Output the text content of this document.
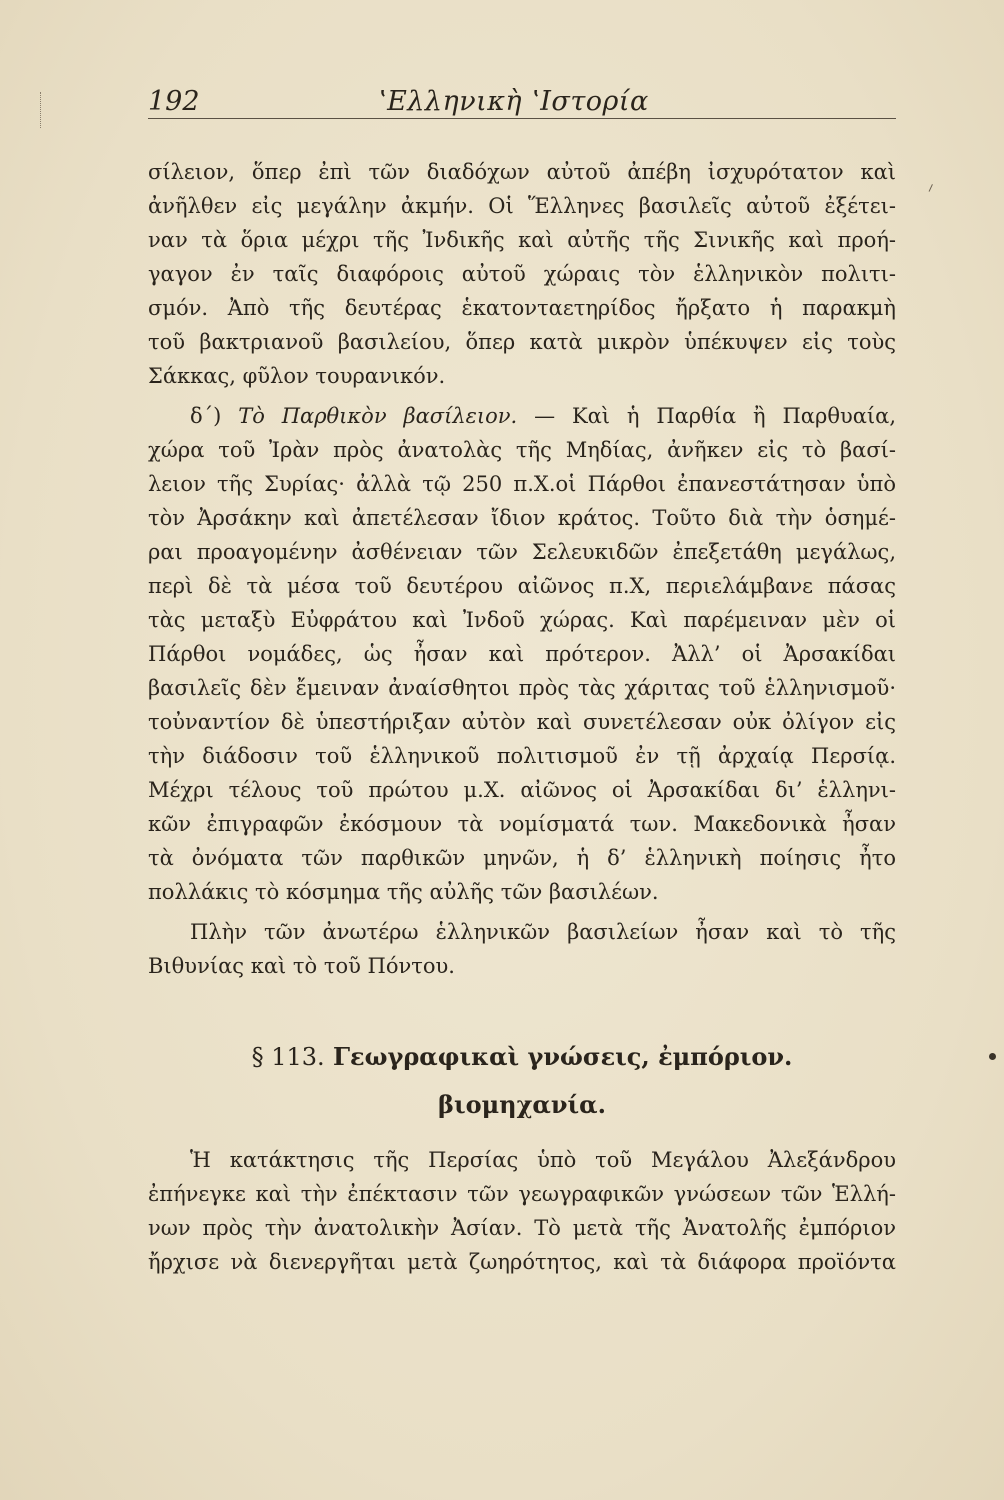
192	ʽΕλληνικὴ ʽΙστορία
σίλειον, ὅπερ ἐπὶ τῶν διαδόχων αὐτοῦ ἀπέβη ἰσχυρότατον καὶ
ἀνῆλθεν εἰς μεγάλην ἀκμήν. Οἱ Ἕλληνες βασιλεῖς αὐτοῦ ἐξέτει-
ναν τὰ ὅρια μέχρι τῆς Ἰνδικῆς καὶ αὐτῆς τῆς Σινικῆς καὶ προή-
γαγον ἐν ταῖς διαφόροις αὐτοῦ χώραις τὸν ἑλληνικὸν πολιτι-
σμόν. Ἀπὸ τῆς δευτέρας ἑκατονταετηρίδος ἤρξατο ἡ παρακμὴ
τοῦ βακτριανοῦ βασιλείου, ὅπερ κατὰ μικρὸν ὑπέκυψεν εἰς τοὺς
Σάκκας, φῦλον τουρανικόν.
δ΄) Τὸ Παρθικὸν βασίλειον. — Καὶ ἡ Παρθία ἢ Παρθυαία,
χώρα τοῦ Ἰρὰν πρὸς ἀνατολὰς τῆς Μηδίας, ἀνῆκεν εἰς τὸ βασί-
λειον τῆς Συρίας· ἀλλὰ τῷ 250 π.Χ.οἱ Πάρθοι ἐπανεστάτησαν ὑπὸ
τὸν Ἀρσάκην καὶ ἀπετέλεσαν ἴδιον κράτος. Τοῦτο διὰ τὴν ὁσημέ-
ραι προαγομένην ἀσθένειαν τῶν Σελευκιδῶν ἐπεξετάθη μεγάλως,
περὶ δὲ τὰ μέσα τοῦ δευτέρου αἰῶνος π.Χ, περιελάμβανε πάσας
τὰς μεταξὺ Εὐφράτου καὶ Ἰνδοῦ χώρας. Καὶ παρέμειναν μὲν οἱ
Πάρθοι νομάδες, ὡς ἦσαν καὶ πρότερον. Ἀλλ’ οἱ Ἀρσακίδαι
βασιλεῖς δὲν ἔμειναν ἀναίσθητοι πρὸς τὰς χάριτας τοῦ ἑλληνισμοῦ·
τοὐναντίον δὲ ὑπεστήριξαν αὐτὸν καὶ συνετέλεσαν οὐκ ὀλίγον εἰς
τὴν διάδοσιν τοῦ ἑλληνικοῦ πολιτισμοῦ ἐν τῇ ἀρχαίᾳ Περσίᾳ.
Μέχρι τέλους τοῦ πρώτου μ.Χ. αἰῶνος οἱ Ἀρσακίδαι δι’ ἑλληνι-
κῶν ἐπιγραφῶν ἐκόσμουν τὰ νομίσματά των. Μακεδονικὰ ἦσαν
τὰ ὀνόματα τῶν παρθικῶν μηνῶν, ἡ δ’ ἑλληνικὴ ποίησις ἦτο
πολλάκις τὸ κόσμημα τῆς αὐλῆς τῶν βασιλέων.
Πλὴν τῶν ἀνωτέρω ἑλληνικῶν βασιλείων ἦσαν καὶ τὸ τῆς
Βιθυνίας καὶ τὸ τοῦ Πόντου.
§ 113. Γεωγραφικαὶ γνώσεις, ἐμπόριον.
βιομηχανία.
Ἡ κατάκτησις τῆς Περσίας ὑπὸ τοῦ Μεγάλου Ἀλεξάνδρου
ἐπήνεγκε καὶ τὴν ἐπέκτασιν τῶν γεωγραφικῶν γνώσεων τῶν Ἑλλή-
νων πρὸς τὴν ἀνατολικὴν Ἀσίαν. Τὸ μετὰ τῆς Ἀνατολῆς ἐμπόριον
ἤρχισε νὰ διενεργῆται μετὰ ζωηρότητος, καὶ τὰ διάφορα προϊόντα
